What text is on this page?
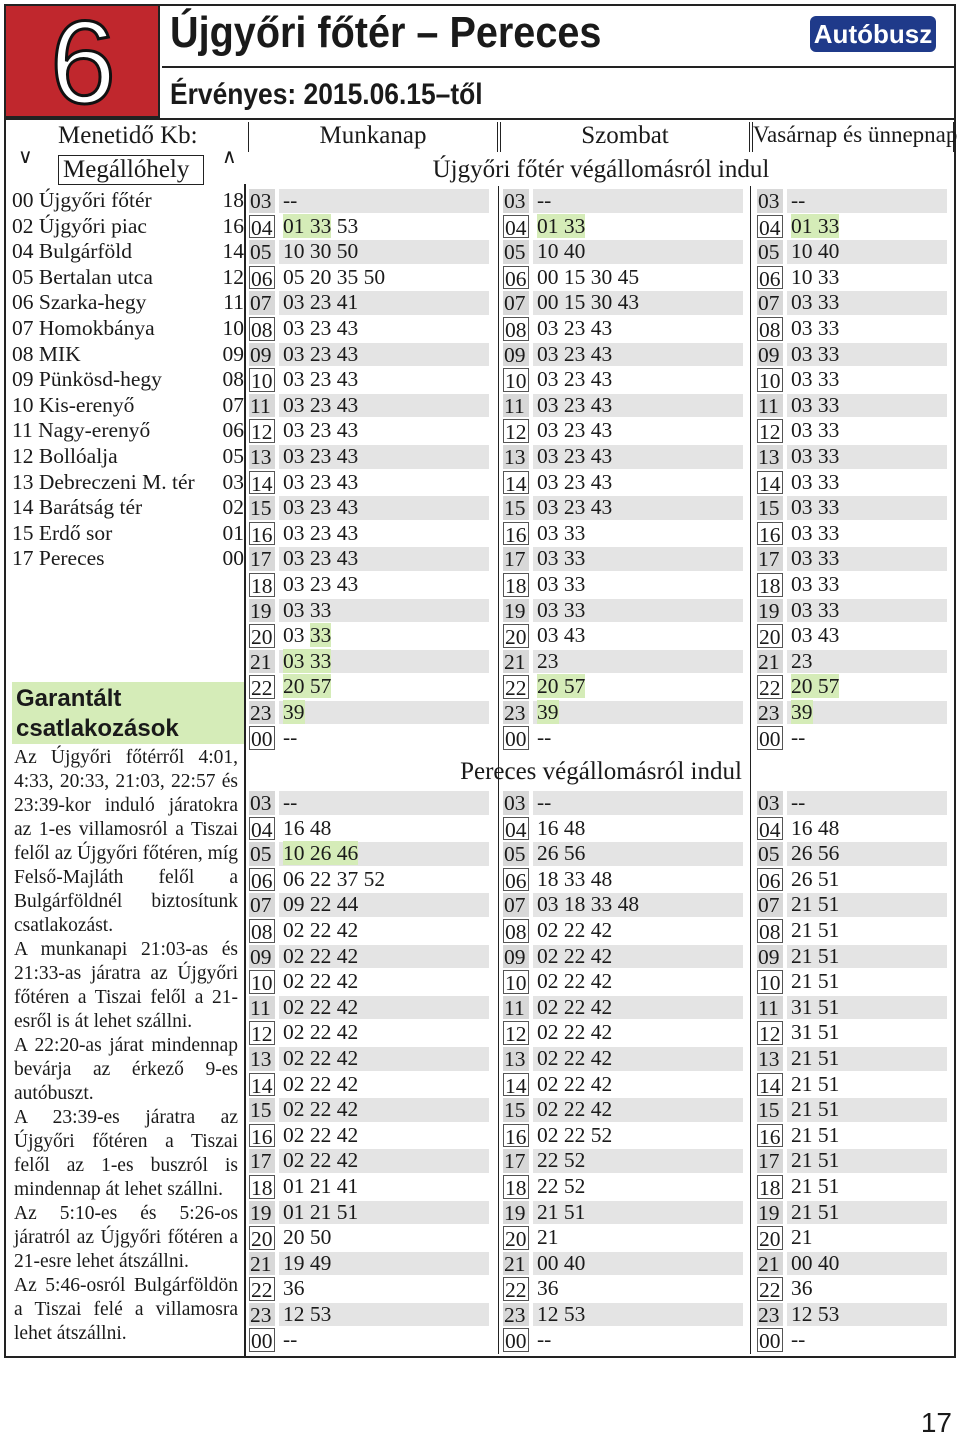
6	Újgyőri főtér – Pereces
Érvényes: 2015.06.15–től
Autóbusz
Menetidő Kb:
Megállóhely
∨	∧
Munkanap	Szombat	Vasárnap és ünnepnap
Újgyőri főtér végállomásról indul
Pereces végállomásról indul
00 Újgyőri főtér	18
02 Újgyőri piac	16
04 Bulgárföld	14
05 Bertalan utca	12
06 Szarka-hegy	11
07 Homokbánya	10
08 MIK	09
09 Pünkösd-hegy	08
10 Kis-erenyő	07
11 Nagy-erenyő	06
12 Bollóalja	05
13 Debreczeni M. tér 03
14 Barátság tér	02
15 Erdő sor	01
17 Pereces	00
Garantált csatlakozások

Az Újgyőri főtérről 4:01, 4:33, 20:33, 21:03, 22:57 és 23:39-kor induló járatokra az 1-es villamosról a Tiszai felől az Újgyőri főtéren, míg Felső-Majláth felől a Bulgárföldnél biztosítunk csatlakozást.

A munkanapi 21:03-as és 21:33-as járatra az Újgyőri főtéren a Tiszai felől a 21-esről is át lehet szállni.

A 22:20-as járat mindennap bevárja az érkező 9-es autóbuszt.

A 23:39-es járatra az Újgyőri főtéren a Tiszai felől az 1-es buszról is mindennap át lehet szállni.

Az 5:10-es és 5:26-os járatról az Újgyőri főtéren a 21-esre lehet átszállni.

Az 5:46-osról Bulgárföldön a Tiszai felé a villamosra lehet átszállni.

03 --
04 01 33 53
05 10 30 50
06 05 20 35 50
07 03 23 41
08 03 23 43
09 03 23 43
10 03 23 43
11 03 23 43
12 03 23 43
13 03 23 43
14 03 23 43
15 03 23 43
16 03 23 43
17 03 23 43
18 03 23 43
19 03 33
20 03 33
21 03 33
22 20 57
23 39
00 --
03 --
04 01 33
05 10 40
06 00 15 30 45
07 00 15 30 43
08 03 23 43
09 03 23 43
10 03 23 43
11 03 23 43
12 03 23 43
13 03 23 43
14 03 23 43
15 03 23 43
16 03 33
17 03 33
18 03 33
19 03 33
20 03 43
21 23
22 20 57
23 39
00 --
03 --
04 01 33
05 10 40
06 10 33
07 03 33
08 03 33
09 03 33
10 03 33
11 03 33
12 03 33
13 03 33
14 03 33
15 03 33
16 03 33
17 03 33
18 03 33
19 03 33
20 03 43
21 23
22 20 57
23 39
00 --
03 --
04 16 48
05 10 26 46
06 06 22 37 52
07 09 22 44
08 02 22 42
09 02 22 42
10 02 22 42
11 02 22 42
12 02 22 42
13 02 22 42
14 02 22 42
15 02 22 42
16 02 22 42
17 02 22 42
18 01 21 41
19 01 21 51
20 20 50
21 19 49
22 36
23 12 53
00 --
03 --
04 16 48
05 26 56
06 18 33 48
07 03 18 33 48
08 02 22 42
09 02 22 42
10 02 22 42
11 02 22 42
12 02 22 42
13 02 22 42
14 02 22 42
15 02 22 42
16 02 22 52
17 22 52
18 22 52
19 21 51
20 21
21 00 40
22 36
23 12 53
00 --
03 --
04 16 48
05 26 56
06 26 51
07 21 51
08 21 51
09 21 51
10 21 51
11 31 51
12 31 51
13 21 51
14 21 51
15 21 51
16 21 51
17 21 51
18 21 51
19 21 51
20 21
21 00 40
22 36
23 12 53
00 --
17
